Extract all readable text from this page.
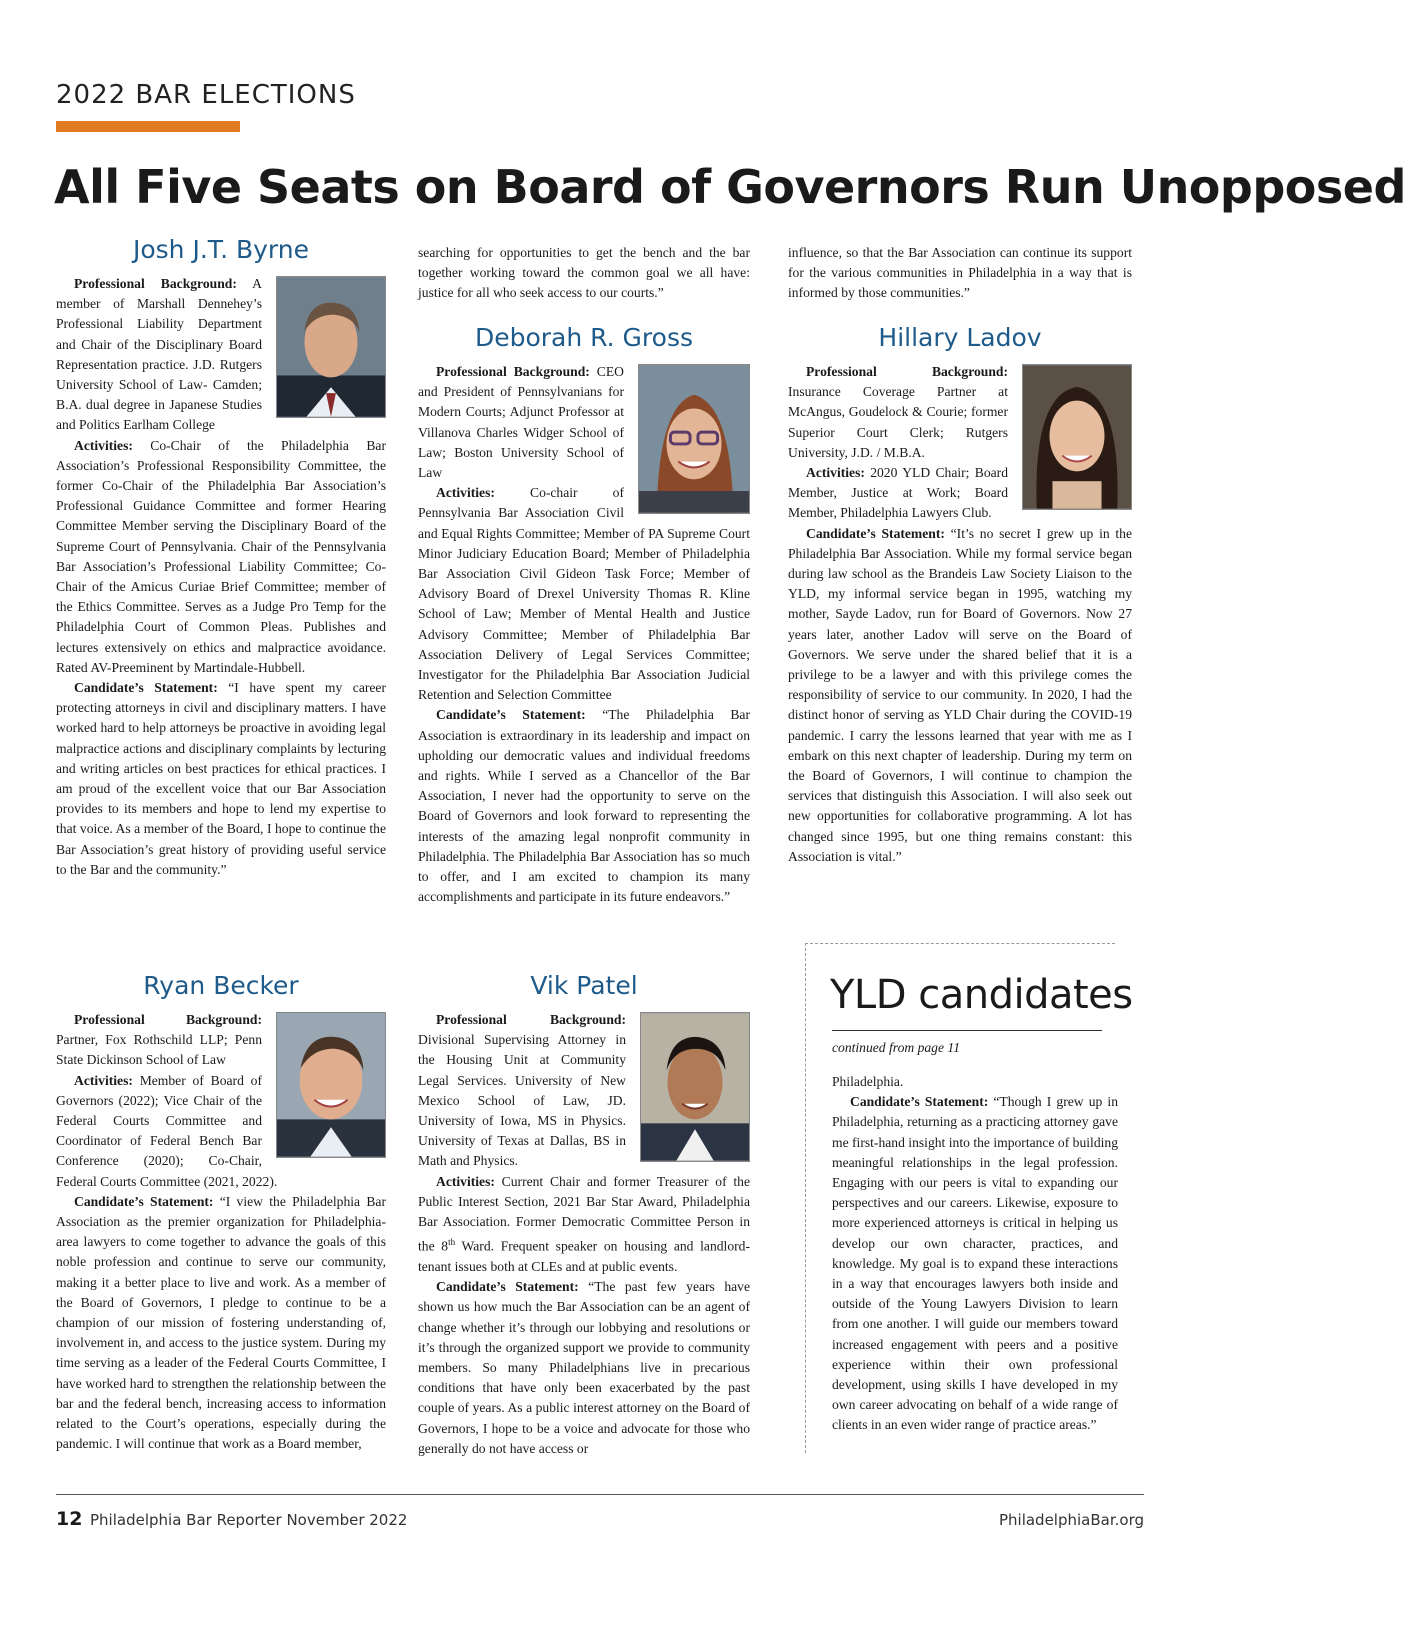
2022 BAR ELECTIONS
All Five Seats on Board of Governors Run Unopposed
Josh J.T. Byrne

Professional Background: A member of Marshall Dennehey’s Professional Liability Department and Chair of the Disciplinary Board Representation practice. J.D. Rutgers University School of Law- Camden; B.A. dual degree in Japanese Studies and Politics Earlham College

Activities: Co-Chair of the Philadelphia Bar Association’s Professional Responsibility Committee, the former Co-Chair of the Philadelphia Bar Association’s Professional Guidance Committee and former Hearing Committee Member serving the Disciplinary Board of the Supreme Court of Pennsylvania. Chair of the Pennsylvania Bar Association’s Professional Liability Committee; Co-Chair of the Amicus Curiae Brief Committee; member of the Ethics Committee. Serves as a Judge Pro Temp for the Philadelphia Court of Common Pleas. Publishes and lectures extensively on ethics and malpractice avoidance. Rated AV-Preeminent by Martindale-Hubbell.

Candidate’s Statement: “I have spent my career protecting attorneys in civil and disciplinary matters. I have worked hard to help attorneys be proactive in avoiding legal malpractice actions and disciplinary complaints by lecturing and writing articles on best practices for ethical practices. I am proud of the excellent voice that our Bar Association provides to its members and hope to lend my expertise to that voice. As a member of the Board, I hope to continue the Bar Association’s great history of providing useful service to the Bar and the community.”

searching for opportunities to get the bench and the bar together working toward the common goal we all have: justice for all who seek access to our courts.”

Deborah R. Gross

Professional Background: CEO and President of Pennsylvanians for Modern Courts; Adjunct Professor at Villanova Charles Widger School of Law; Boston University School of Law

Activities: Co-chair of Pennsylvania Bar Association Civil and Equal Rights Committee; Member of PA Supreme Court Minor Judiciary Education Board; Member of Philadelphia Bar Association Civil Gideon Task Force; Member of Advisory Board of Drexel University Thomas R. Kline School of Law; Member of Mental Health and Justice Advisory Committee; Member of Philadelphia Bar Association Delivery of Legal Services Committee; Investigator for the Philadelphia Bar Association Judicial Retention and Selection Committee

Candidate’s Statement: “The Philadelphia Bar Association is extraordinary in its leadership and impact on upholding our democratic values and individual freedoms and rights. While I served as a Chancellor of the Bar Association, I never had the opportunity to serve on the Board of Governors and look forward to representing the interests of the amazing legal nonprofit community in Philadelphia. The Philadelphia Bar Association has so much to offer, and I am excited to champion its many accomplishments and participate in its future endeavors.”

influence, so that the Bar Association can continue its support for the various communities in Philadelphia in a way that is informed by those communities.”

Hillary Ladov

Professional Background: Insurance Coverage Partner at McAngus, Goudelock & Courie; former Superior Court Clerk; Rutgers University, J.D. / M.B.A.

Activities: 2020 YLD Chair; Board Member, Justice at Work; Board Member, Philadelphia Lawyers Club.

Candidate’s Statement: “It’s no secret I grew up in the Philadelphia Bar Association. While my formal service began during law school as the Brandeis Law Society Liaison to the YLD, my informal service began in 1995, watching my mother, Sayde Ladov, run for Board of Governors. Now 27 years later, another Ladov will serve on the Board of Governors. We serve under the shared belief that it is a privilege to be a lawyer and with this privilege comes the responsibility of service to our community. In 2020, I had the distinct honor of serving as YLD Chair during the COVID-19 pandemic. I carry the lessons learned that year with me as I embark on this next chapter of leadership. During my term on the Board of Governors, I will continue to champion the services that distinguish this Association. I will also seek out new opportunities for collaborative programming. A lot has changed since 1995, but one thing remains constant: this Association is vital.”

Ryan Becker

Professional Background: Partner, Fox Rothschild LLP; Penn State Dickinson School of Law

Activities: Member of Board of Governors (2022); Vice Chair of the Federal Courts Committee and Coordinator of Federal Bench Bar Conference (2020); Co-Chair, Federal Courts Committee (2021, 2022).

Candidate’s Statement: “I view the Philadelphia Bar Association as the premier organization for Philadelphia-area lawyers to come together to advance the goals of this noble profession and continue to serve our community, making it a better place to live and work. As a member of the Board of Governors, I pledge to continue to be a champion of our mission of fostering understanding of, involvement in, and access to the justice system. During my time serving as a leader of the Federal Courts Committee, I have worked hard to strengthen the relationship between the bar and the federal bench, increasing access to information related to the Court’s operations, especially during the pandemic. I will continue that work as a Board member,

Vik Patel

Professional Background: Divisional Supervising Attorney in the Housing Unit at Community Legal Services. University of New Mexico School of Law, JD. University of Iowa, MS in Physics. University of Texas at Dallas, BS in Math and Physics.

Activities: Current Chair and former Treasurer of the Public Interest Section, 2021 Bar Star Award, Philadelphia Bar Association. Former Democratic Committee Person in the 8th Ward. Frequent speaker on housing and landlord-tenant issues both at CLEs and at public events.

Candidate’s Statement: “The past few years have shown us how much the Bar Association can be an agent of change whether it’s through our lobbying and resolutions or it’s through the organized support we provide to community members. So many Philadelphians live in precarious conditions that have only been exacerbated by the past couple of years. As a public interest attorney on the Board of Governors, I hope to be a voice and advocate for those who generally do not have access or

YLD candidates
continued from page 11

Philadelphia.

Candidate’s Statement: “Though I grew up in Philadelphia, returning as a practicing attorney gave me first-hand insight into the importance of building meaningful relationships in the legal profession. Engaging with our peers is vital to expanding our perspectives and our careers. Likewise, exposure to more experienced attorneys is critical in helping us develop our own character, practices, and knowledge. My goal is to expand these interactions in a way that encourages lawyers both inside and outside of the Young Lawyers Division to learn from one another. I will guide our members toward increased engagement with peers and a positive experience within their own professional development, using skills I have developed in my own career advocating on behalf of a wide range of clients in an even wider range of practice areas.”

12 Philadelphia Bar Reporter November 2022	PhiladelphiaBar.org
